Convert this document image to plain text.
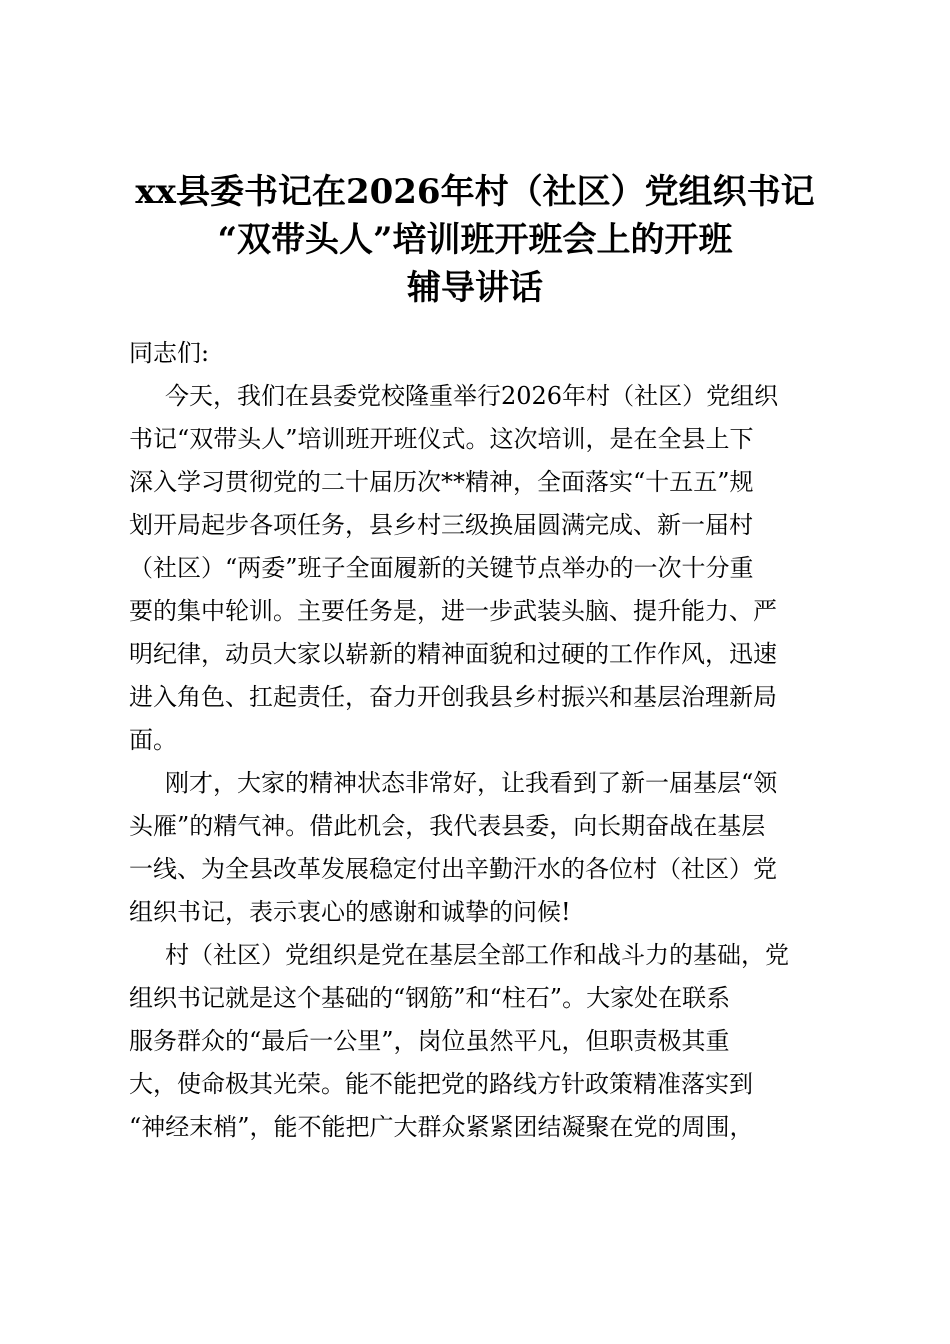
xx县委书记在2026年村（社区）党组织书记
“双带头人”培训班开班会上的开班
辅导讲话
同志们:
今天，我们在县委党校隆重举行2026年村（社区）党组织
书记“双带头人”培训班开班仪式。这次培训，是在全县上下
深入学习贯彻党的二十届历次**精神，全面落实“十五五”规
划开局起步各项任务，县乡村三级换届圆满完成、新一届村
（社区）“两委”班子全面履新的关键节点举办的一次十分重
要的集中轮训。主要任务是，进一步武装头脑、提升能力、严
明纪律，动员大家以崭新的精神面貌和过硬的工作作风，迅速
进入角色、扛起责任，奋力开创我县乡村振兴和基层治理新局
面。
刚才，大家的精神状态非常好，让我看到了新一届基层“领
头雁”的精气神。借此机会，我代表县委，向长期奋战在基层
一线、为全县改革发展稳定付出辛勤汗水的各位村（社区）党
组织书记，表示衷心的感谢和诚挚的问候!
村（社区）党组织是党在基层全部工作和战斗力的基础，党
组织书记就是这个基础的“钢筋”和“柱石”。大家处在联系
服务群众的“最后一公里”，岗位虽然平凡，但职责极其重
大，使命极其光荣。能不能把党的路线方针政策精准落实到
“神经末梢”，能不能把广大群众紧紧团结凝聚在党的周围，
